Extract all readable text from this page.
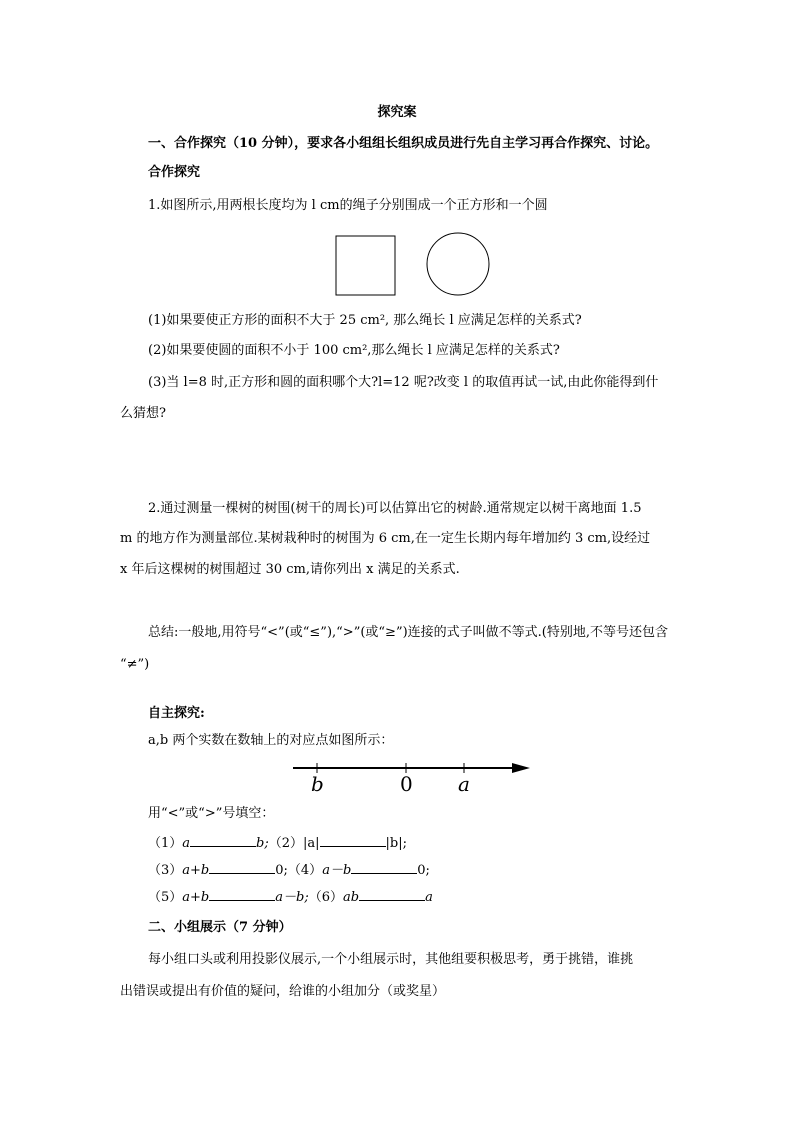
探究案
一、合作探究（10 分钟），要求各小组组长组织成员进行先自主学习再合作探究、讨论。
合作探究
1.如图所示,用两根长度均为 l cm的绳子分别围成一个正方形和一个圆
(1)如果要使正方形的面积不大于 25 cm², 那么绳长 l 应满足怎样的关系式?
(2)如果要使圆的面积不小于 100 cm²,那么绳长 l 应满足怎样的关系式?
(3)当 l=8 时,正方形和圆的面积哪个大?l=12 呢?改变 l 的取值再试一试,由此你能得到什
么猜想?
2.通过测量一棵树的树围(树干的周长)可以估算出它的树龄.通常规定以树干离地面 1.5
m 的地方作为测量部位.某树栽种时的树围为 6 cm,在一定生长期内每年增加约 3 cm,设经过
x 年后这棵树的树围超过 30 cm,请你列出 x 满足的关系式.
总结:一般地,用符号“<”(或“≤”),“>”(或“≥”)连接的式子叫做不等式.(特别地,不等号还包含
“≠”)
自主探究:
a,b 两个实数在数轴上的对应点如图所示：
b	0 a
用“<”或“>”号填空：
（1）a	b;（2）|a|	|b|;
（3）a+b	0;（4）a－b	0;
（5）a+b	a－b;（6）ab	a
二、小组展示（7 分钟）
每小组口头或利用投影仪展示,一个小组展示时，其他组要积极思考，勇于挑错，谁挑
出错误或提出有价值的疑问，给谁的小组加分（或奖星）
